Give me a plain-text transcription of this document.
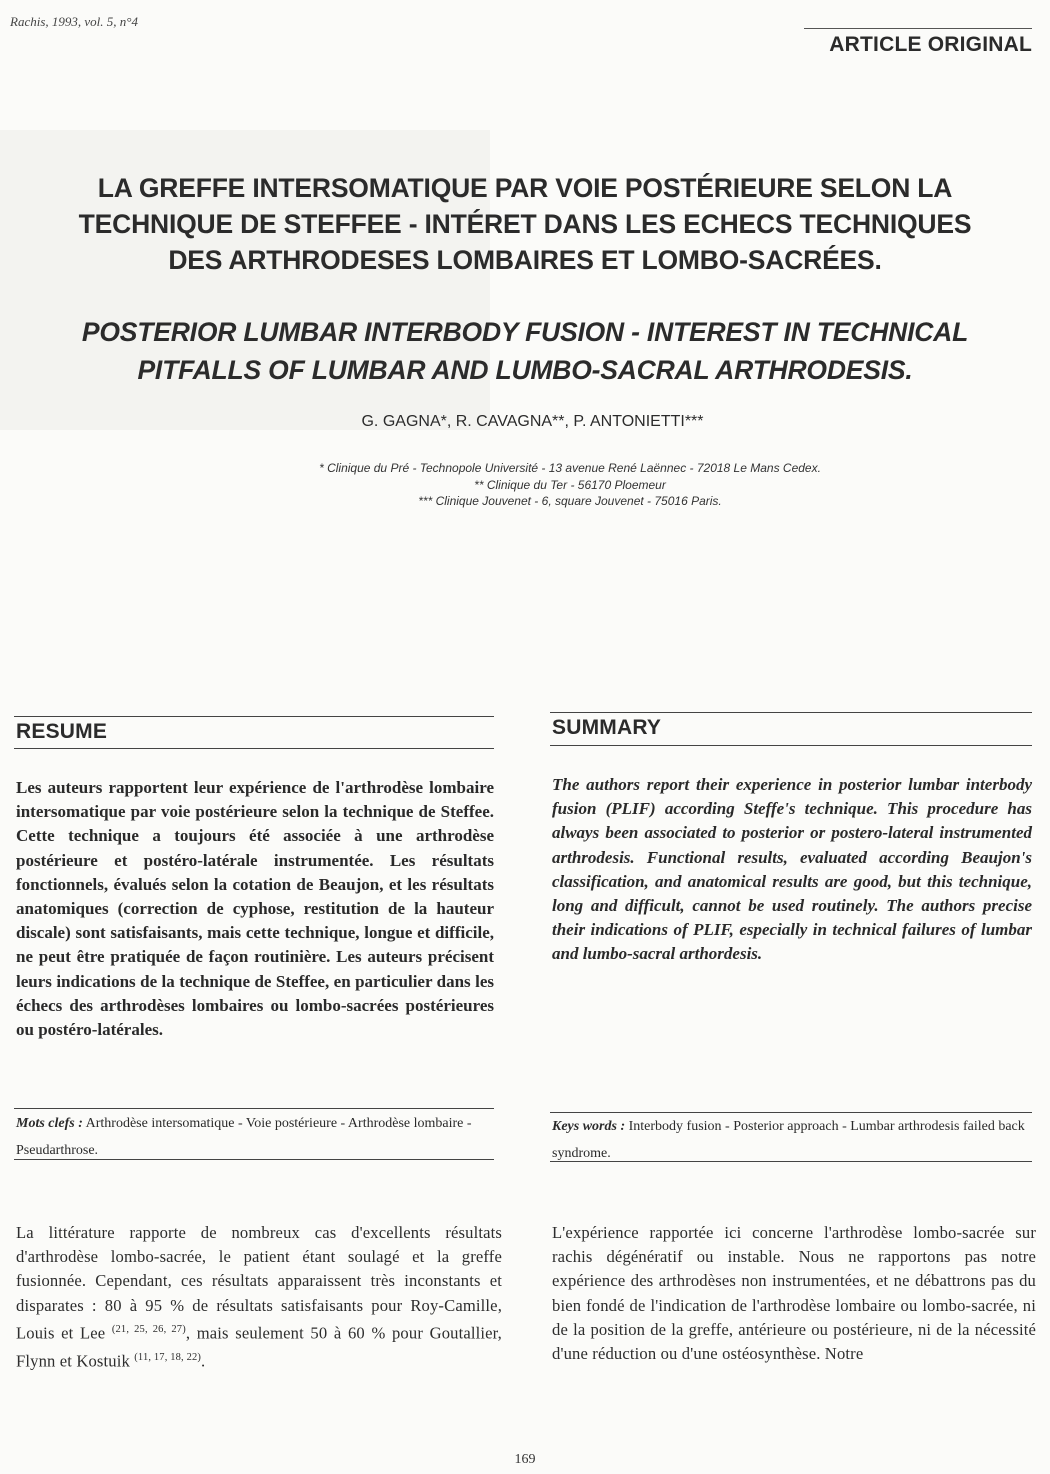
Rachis, 1993, vol. 5, n°4
ARTICLE ORIGINAL
LA GREFFE INTERSOMATIQUE PAR VOIE POSTÉRIEURE SELON LA
TECHNIQUE DE STEFFEE - INTÉRET DANS LES ECHECS TECHNIQUES
DES ARTHRODESES LOMBAIRES ET LOMBO-SACRÉES.
POSTERIOR LUMBAR INTERBODY FUSION - INTEREST IN TECHNICAL
PITFALLS OF LUMBAR AND LUMBO-SACRAL ARTHRODESIS.
G. GAGNA*, R. CAVAGNA**, P. ANTONIETTI***
* Clinique du Pré - Technopole Université - 13 avenue René Laënnec - 72018 Le Mans Cedex.
** Clinique du Ter - 56170 Ploemeur
*** Clinique Jouvenet - 6, square Jouvenet - 75016 Paris.
RESUME	SUMMARY
Les auteurs rapportent leur expérience de l'arthrodèse lombaire intersomatique par voie postérieure selon la technique de Steffee. Cette technique a toujours été associée à une arthrodèse postérieure et postéro-latérale instrumentée. Les résultats fonctionnels, évalués selon la cotation de Beaujon, et les résultats anatomiques (correction de cyphose, restitution de la hauteur discale) sont satisfaisants, mais cette technique, longue et difficile, ne peut être pratiquée de façon routinière. Les auteurs précisent leurs indications de la technique de Steffee, en particulier dans les échecs des arthrodèses lombaires ou lombo-sacrées postérieures ou postéro-latérales.
The authors report their experience in posterior lumbar interbody fusion (PLIF) according Steffe's technique. This procedure has always been associated to posterior or postero-lateral instrumented arthrodesis. Functional results, evaluated according Beaujon's classification, and anatomical results are good, but this technique, long and difficult, cannot be used routinely. The authors precise their indications of PLIF, especially in technical failures of lumbar and lumbo-sacral arthordesis.
Mots clefs : Arthrodèse intersomatique - Voie postérieure - Arthrodèse lombaire - Pseudarthrose.
Keys words : Interbody fusion - Posterior approach - Lumbar arthrodesis failed back syndrome.
La littérature rapporte de nombreux cas d'excellents résultats d'arthrodèse lombo-sacrée, le patient étant soulagé et la greffe fusionnée. Cependant, ces résultats apparaissent très inconstants et disparates : 80 à 95 % de résultats satisfaisants pour Roy-Camille, Louis et Lee $^{(21, 25, 26, 27)}$, mais seulement 50 à 60 % pour Goutallier, Flynn et Kostuik $^{(11, 17, 18, 22)}$.
L'expérience rapportée ici concerne l'arthrodèse lombo-sacrée sur rachis dégénératif ou instable. Nous ne rapportons pas notre expérience des arthrodèses non instrumentées, et ne débattrons pas du bien fondé de l'indication de l'arthrodèse lombaire ou lombo-sacrée, ni de la position de la greffe, antérieure ou postérieure, ni de la nécessité d'une réduction ou d'une ostéosynthèse. Notre
169
